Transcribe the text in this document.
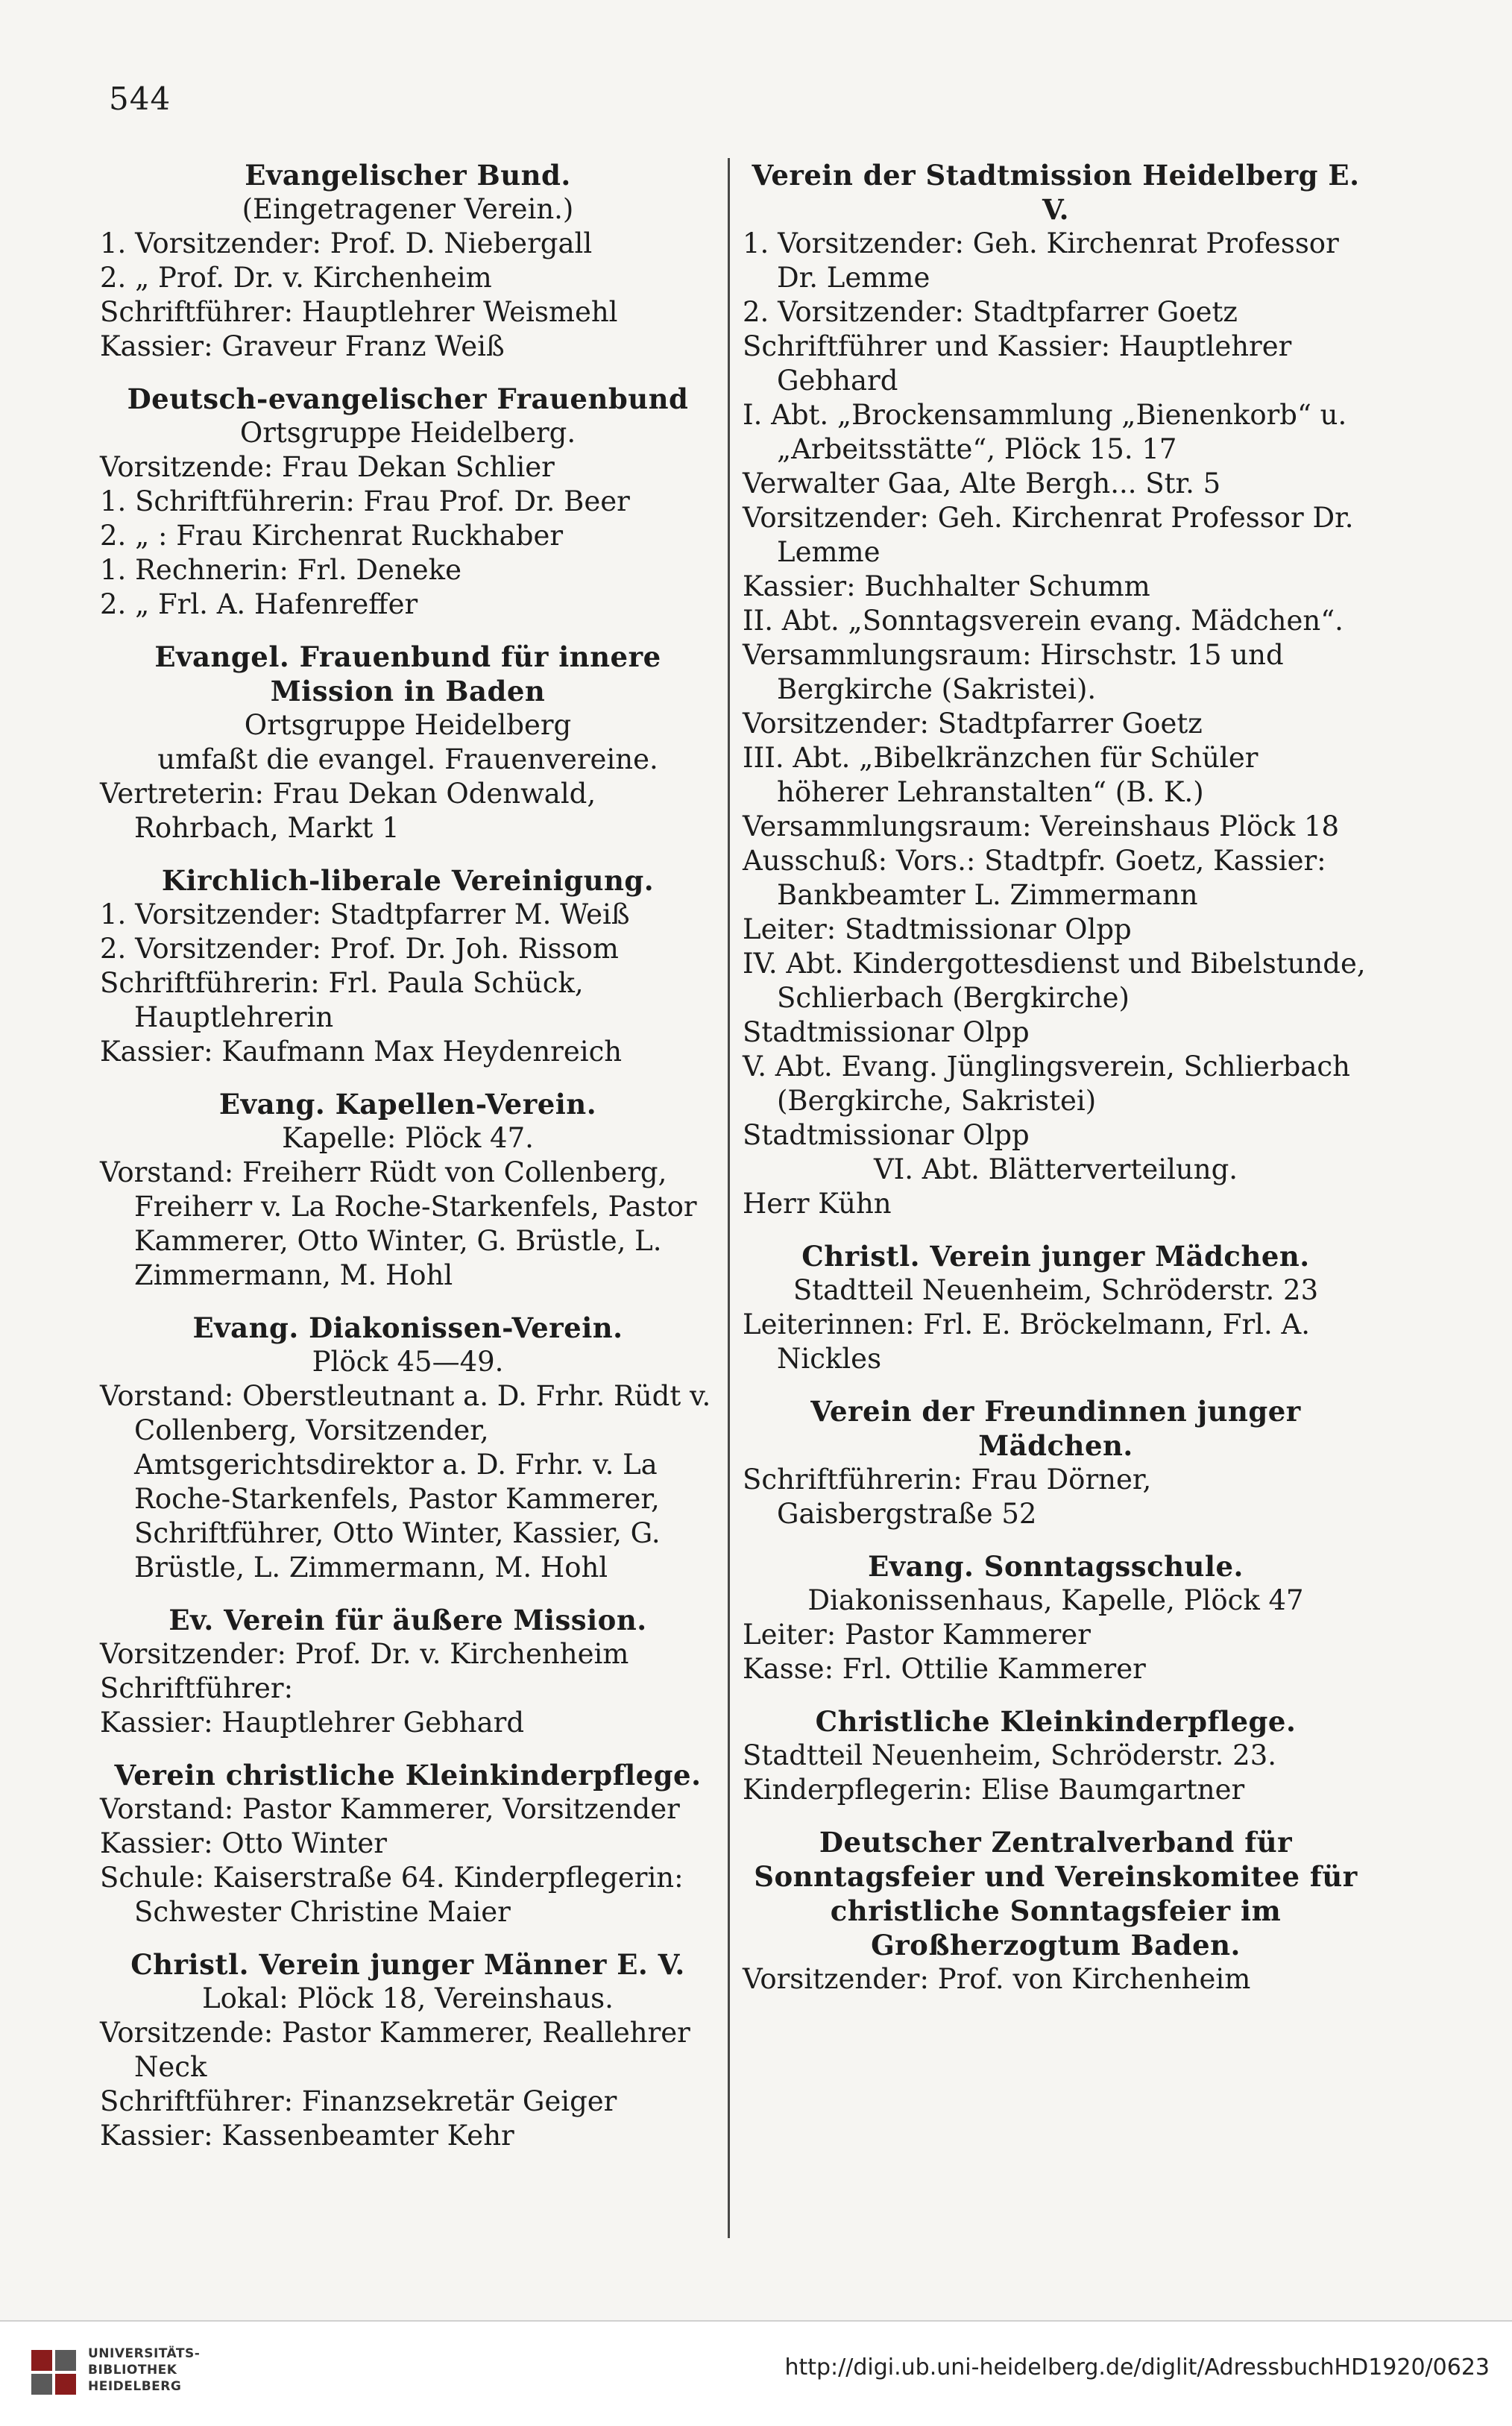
544
Evangelischer Bund.
(Eingetragener Verein.)
1. Vorsitzender: Prof. D. Niebergall
2. „ Prof. Dr. v. Kirchenheim
Schriftführer: Hauptlehrer Weismehl
Kassier: Graveur Franz Weiß
Deutsch-evangelischer Frauenbund
Ortsgruppe Heidelberg.
Vorsitzende: Frau Dekan Schlier
1. Schriftführerin: Frau Prof. Dr. Beer
2. „ : Frau Kirchenrat Ruckhaber
1. Rechnerin: Frl. Deneke
2. „ Frl. A. Hafenreffer
Evangel. Frauenbund für innere Mission in Baden
Ortsgruppe Heidelberg
umfaßt die evangel. Frauenvereine.
Vertreterin: Frau Dekan Odenwald, Rohrbach, Markt 1
Kirchlich-liberale Vereinigung.
1. Vorsitzender: Stadtpfarrer M. Weiß
2. Vorsitzender: Prof. Dr. Joh. Rissom
Schriftführerin: Frl. Paula Schück, Hauptlehrerin
Kassier: Kaufmann Max Heydenreich
Evang. Kapellen-Verein.
Kapelle: Plöck 47.
Vorstand: Freiherr Rüdt von Collenberg, Freiherr v. La Roche-Starkenfels, Pastor Kammerer, Otto Winter, G. Brüstle, L. Zimmermann, M. Hohl
Evang. Diakonissen-Verein.
Plöck 45—49.
Vorstand: Oberstleutnant a. D. Frhr. Rüdt v. Collenberg, Vorsitzender, Amtsgerichtsdirektor a. D. Frhr. v. La Roche-Starkenfels, Pastor Kammerer, Schriftführer, Otto Winter, Kassier, G. Brüstle, L. Zimmermann, M. Hohl
Ev. Verein für äußere Mission.
Vorsitzender: Prof. Dr. v. Kirchenheim
Schriftführer:
Kassier: Hauptlehrer Gebhard
Verein christliche Kleinkinderpflege.
Vorstand: Pastor Kammerer, Vorsitzender
Kassier: Otto Winter
Schule: Kaiserstraße 64. Kinderpflegerin: Schwester Christine Maier
Christl. Verein junger Männer E. V.
Lokal: Plöck 18, Vereinshaus.
Vorsitzende: Pastor Kammerer, Reallehrer Neck
Schriftführer: Finanzsekretär Geiger
Kassier: Kassenbeamter Kehr
Verein der Stadtmission Heidelberg E. V.
1. Vorsitzender: Geh. Kirchenrat Professor Dr. Lemme
2. Vorsitzender: Stadtpfarrer Goetz
Schriftführer und Kassier: Hauptlehrer Gebhard
I. Abt. „Brockensammlung „Bienenkorb“ u. „Arbeitsstätte“, Plöck 15. 17
Verwalter Gaa, Alte Bergh... Str. 5
Vorsitzender: Geh. Kirchenrat Professor Dr. Lemme
Kassier: Buchhalter Schumm
II. Abt. „Sonntagsverein evang. Mädchen“.
Versammlungsraum: Hirschstr. 15 und Bergkirche (Sakristei).
Vorsitzender: Stadtpfarrer Goetz
III. Abt. „Bibelkränzchen für Schüler höherer Lehranstalten“ (B. K.)
Versammlungsraum: Vereinshaus Plöck 18
Ausschuß: Vors.: Stadtpfr. Goetz, Kassier: Bankbeamter L. Zimmermann
Leiter: Stadtmissionar Olpp
IV. Abt. Kindergottesdienst und Bibelstunde, Schlierbach (Bergkirche)
Stadtmissionar Olpp
V. Abt. Evang. Jünglingsverein, Schlierbach (Bergkirche, Sakristei)
Stadtmissionar Olpp
VI. Abt. Blätterverteilung.
Herr Kühn
Christl. Verein junger Mädchen.
Stadtteil Neuenheim, Schröderstr. 23
Leiterinnen: Frl. E. Bröckelmann, Frl. A. Nickles
Verein der Freundinnen junger Mädchen.
Schriftführerin: Frau Dörner, Gaisbergstraße 52
Evang. Sonntagsschule.
Diakonissenhaus, Kapelle, Plöck 47
Leiter: Pastor Kammerer
Kasse: Frl. Ottilie Kammerer
Christliche Kleinkinderpflege.
Stadtteil Neuenheim, Schröderstr. 23.
Kinderpflegerin: Elise Baumgartner
Deutscher Zentralverband für Sonntagsfeier und Vereinskomitee für christliche Sonntagsfeier im Großherzogtum Baden.
Vorsitzender: Prof. von Kirchenheim
UNIVERSITÄTS-
BIBLIOTHEK
HEIDELBERG
http://digi.ub.uni-heidelberg.de/diglit/AdressbuchHD1920/0623
